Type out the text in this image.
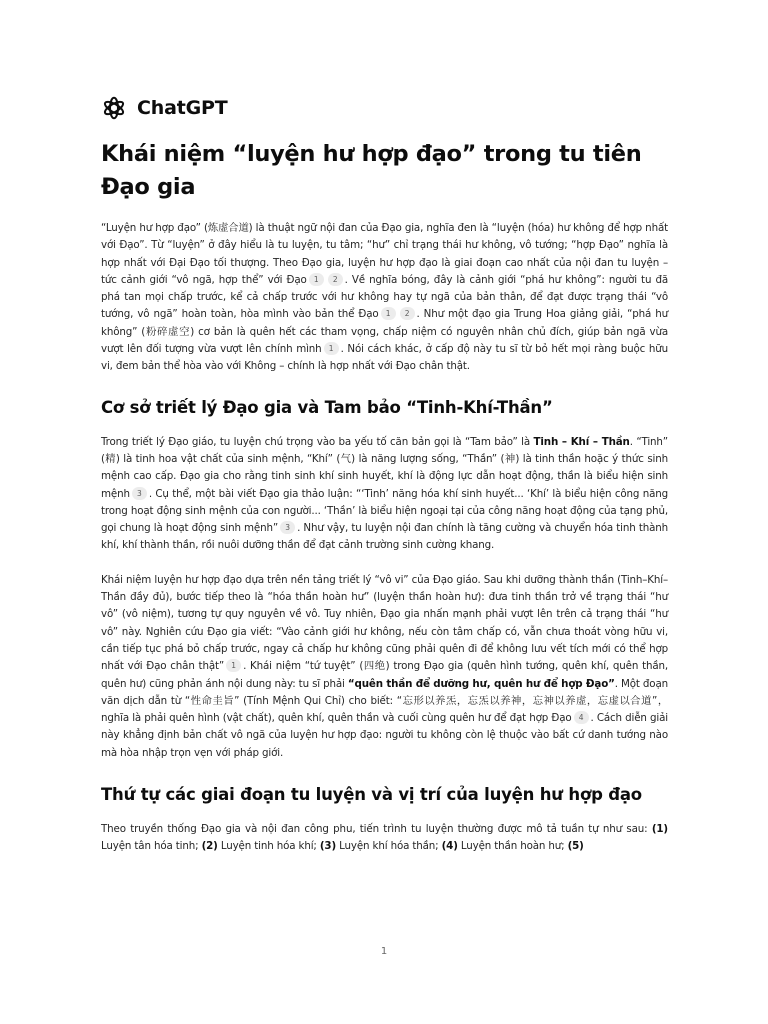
ChatGPT
Khái niệm “luyện hư hợp đạo” trong tu tiên Đạo gia

“Luyện hư hợp đạo” (炼虚合道) là thuật ngữ nội đan của Đạo gia, nghĩa đen là “luyện (hóa) hư không để hợp nhất với Đạo”. Từ “luyện” ở đây hiểu là tu luyện, tu tâm; “hư” chỉ trạng thái hư không, vô tướng; “hợp Đạo” nghĩa là hợp nhất với Đại Đạo tối thượng. Theo Đạo gia, luyện hư hợp đạo là giai đoạn cao nhất của nội đan tu luyện – tức cảnh giới “vô ngã, hợp thể” với Đạo 1 2 . Về nghĩa bóng, đây là cảnh giới “phá hư không”: người tu đã phá tan mọi chấp trước, kể cả chấp trước với hư không hay tự ngã của bản thân, để đạt được trạng thái “vô tướng, vô ngã” hoàn toàn, hòa mình vào bản thể Đạo 1 2 . Như một đạo gia Trung Hoa giảng giải, “phá hư không” (粉碎虚空) cơ bản là quên hết các tham vọng, chấp niệm có nguyên nhân chủ đích, giúp bản ngã vừa vượt lên đối tượng vừa vượt lên chính mình 1 . Nói cách khác, ở cấp độ này tu sĩ từ bỏ hết mọi ràng buộc hữu vi, đem bản thể hòa vào với Không – chính là hợp nhất với Đạo chân thật.

Cơ sở triết lý Đạo gia và Tam bảo “Tinh-Khí-Thần”

Trong triết lý Đạo giáo, tu luyện chú trọng vào ba yếu tố căn bản gọi là “Tam bảo” là Tinh – Khí – Thần. “Tinh” (精) là tinh hoa vật chất của sinh mệnh, “Khí” (气) là năng lượng sống, “Thần” (神) là tinh thần hoặc ý thức sinh mệnh cao cấp. Đạo gia cho rằng tinh sinh khí sinh huyết, khí là động lực dẫn hoạt động, thần là biểu hiện sinh mệnh 3 . Cụ thể, một bài viết Đạo gia thảo luận: “‘Tinh’ năng hóa khí sinh huyết... ‘Khí’ là biểu hiện công năng trong hoạt động sinh mệnh của con người... ‘Thần’ là biểu hiện ngoại tại của công năng hoạt động của tạng phủ, gọi chung là hoạt động sinh mệnh” 3 . Như vậy, tu luyện nội đan chính là tăng cường và chuyển hóa tinh thành khí, khí thành thần, rồi nuôi dưỡng thần để đạt cảnh trường sinh cường khang.

Khái niệm luyện hư hợp đạo dựa trên nền tảng triết lý “vô vi” của Đạo giáo. Sau khi dưỡng thành thần (Tinh–Khí–Thần đầy đủ), bước tiếp theo là “hóa thần hoàn hư” (luyện thần hoàn hư): đưa tinh thần trở về trạng thái “hư vô” (vô niệm), tương tự quy nguyên về vô. Tuy nhiên, Đạo gia nhấn mạnh phải vượt lên trên cả trạng thái “hư vô” này. Nghiên cứu Đạo gia viết: “Vào cảnh giới hư không, nếu còn tâm chấp có, vẫn chưa thoát vòng hữu vi, cần tiếp tục phá bỏ chấp trước, ngay cả chấp hư không cũng phải quên đi để không lưu vết tích mới có thể hợp nhất với Đạo chân thật” 1 . Khái niệm “tứ tuyệt” (四绝) trong Đạo gia (quên hình tướng, quên khí, quên thần, quên hư) cũng phản ánh nội dung này: tu sĩ phải “quên thần để dưỡng hư, quên hư để hợp Đạo”. Một đoạn văn dịch dẫn từ “性命圭旨” (Tính Mệnh Qui Chỉ) cho biết: “忘形以养炁，忘炁以养神，忘神以养虚，忘虚以合道”， nghĩa là phải quên hình (vật chất), quên khí, quên thần và cuối cùng quên hư để đạt hợp Đạo 4 . Cách diễn giải này khẳng định bản chất vô ngã của luyện hư hợp đạo: người tu không còn lệ thuộc vào bất cứ danh tướng nào mà hòa nhập trọn vẹn với pháp giới.

Thứ tự các giai đoạn tu luyện và vị trí của luyện hư hợp đạo

Theo truyền thống Đạo gia và nội đan công phu, tiến trình tu luyện thường được mô tả tuần tự như sau: (1) Luyện tân hóa tinh; (2) Luyện tinh hóa khí; (3) Luyện khí hóa thần; (4) Luyện thần hoàn hư; (5)

1
